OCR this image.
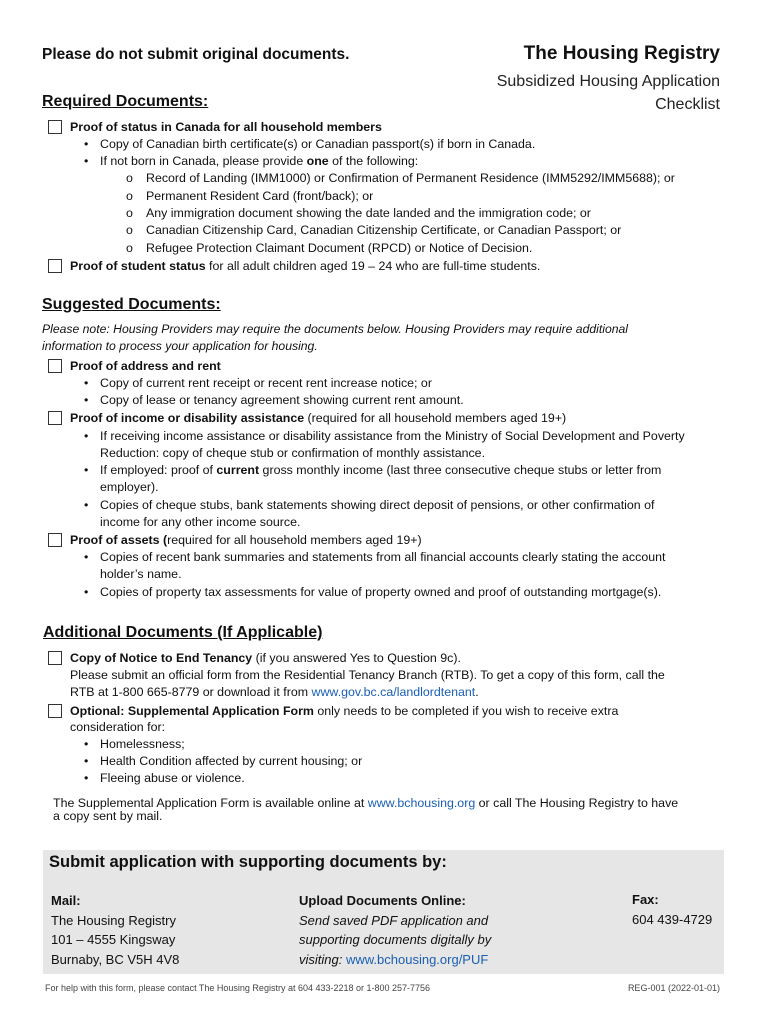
Please do not submit original documents.	The Housing Registry
Subsidized Housing Application
Checklist
Required Documents:
Proof of status in Canada for all household members
• Copy of Canadian birth certificate(s) or Canadian passport(s) if born in Canada.
• If not born in Canada, please provide one of the following:
o Record of Landing (IMM1000) or Confirmation of Permanent Residence (IMM5292/IMM5688); or
o Permanent Resident Card (front/back); or
o Any immigration document showing the date landed and the immigration code; or
o Canadian Citizenship Card, Canadian Citizenship Certificate, or Canadian Passport; or
o Refugee Protection Claimant Document (RPCD) or Notice of Decision.
Proof of student status for all adult children aged 19 – 24 who are full-time students.
Suggested Documents:
Please note: Housing Providers may require the documents below. Housing Providers may require additional
information to process your application for housing.
Proof of address and rent
• Copy of current rent receipt or recent rent increase notice; or
• Copy of lease or tenancy agreement showing current rent amount.
Proof of income or disability assistance (required for all household members aged 19+)
• If receiving income assistance or disability assistance from the Ministry of Social Development and Poverty
Reduction: copy of cheque stub or confirmation of monthly assistance.
• If employed: proof of current gross monthly income (last three consecutive cheque stubs or letter from
employer).
• Copies of cheque stubs, bank statements showing direct deposit of pensions, or other confirmation of
income for any other income source.
Proof of assets (required for all household members aged 19+)
• Copies of recent bank summaries and statements from all financial accounts clearly stating the account
holder’s name.
• Copies of property tax assessments for value of property owned and proof of outstanding mortgage(s).
Additional Documents (If Applicable)
Copy of Notice to End Tenancy (if you answered Yes to Question 9c).
Please submit an official form from the Residential Tenancy Branch (RTB). To get a copy of this form, call the
RTB at 1-800 665-8779 or download it from www.gov.bc.ca/landlordtenant.
Optional: Supplemental Application Form only needs to be completed if you wish to receive extra
consideration for:
• Homelessness;
• Health Condition affected by current housing; or
• Fleeing abuse or violence.
The Supplemental Application Form is available online at www.bchousing.org or call The Housing Registry to have
a copy sent by mail.
Submit application with supporting documents by:
Mail:
The Housing Registry
101 – 4555 Kingsway
Burnaby, BC V5H 4V8
Upload Documents Online:
Send saved PDF application and
supporting documents digitally by
visiting: www.bchousing.org/PUF
Fax:
604 439-4729
For help with this form, please contact The Housing Registry at 604 433-2218 or 1-800 257-7756	REG-001 (2022-01-01)
